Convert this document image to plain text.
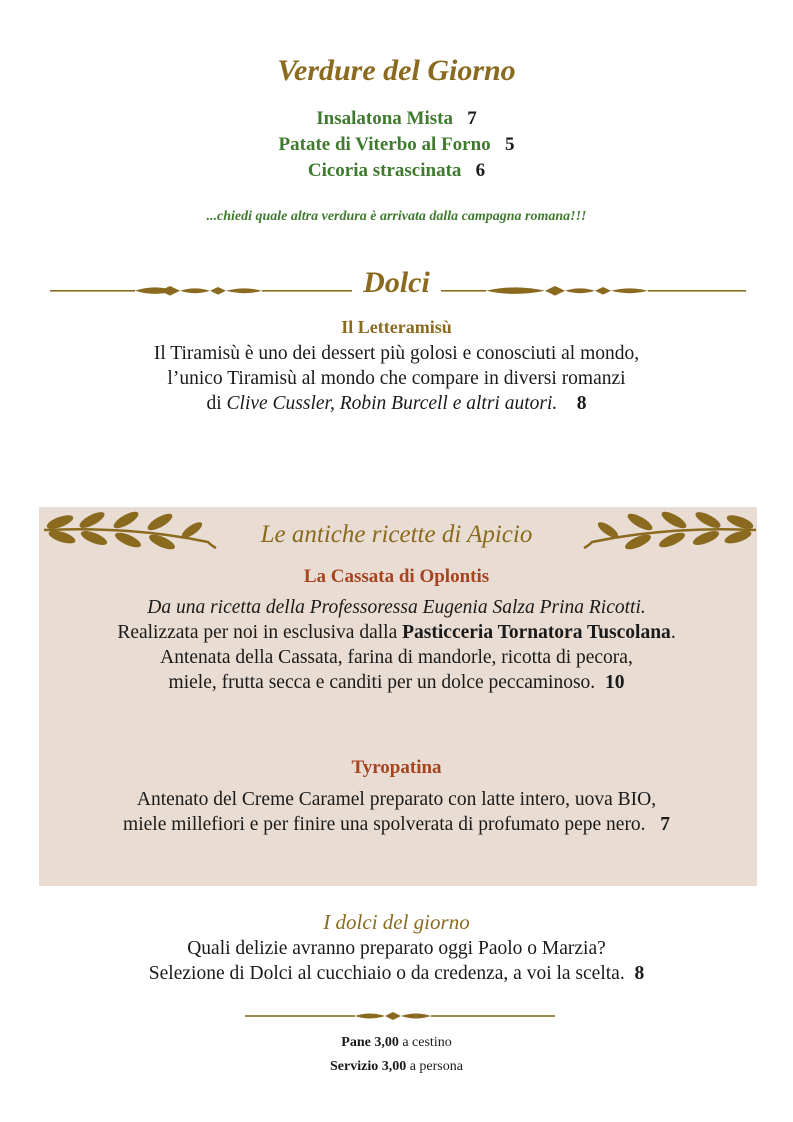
Verdure del Giorno
Insalatona Mista 7
Patate di Viterbo al Forno 5
Cicoria strascinata 6
...chiedi quale altra verdura è arrivata dalla campagna romana!!!
Dolci
Il Letteramisù
Il Tiramisù è uno dei dessert più golosi e conosciuti al mondo,
l’unico Tiramisù al mondo che compare in diversi romanzi
di Clive Cussler, Robin Burcell e altri autori. 8
Le antiche ricette di Apicio
La Cassata di Oplontis
Da una ricetta della Professoressa Eugenia Salza Prina Ricotti.
Realizzata per noi in esclusiva dalla Pasticceria Tornatora Tuscolana.
Antenata della Cassata, farina di mandorle, ricotta di pecora,
miele, frutta secca e canditi per un dolce peccaminoso. 10
Tyropatina
Antenato del Creme Caramel preparato con latte intero, uova BIO,
miele millefiori e per finire una spolverata di profumato pepe nero. 7
I dolci del giorno
Quali delizie avranno preparato oggi Paolo o Marzia?
Selezione di Dolci al cucchiaio o da credenza, a voi la scelta. 8
Pane 3,00 a cestino
Servizio 3,00 a persona
